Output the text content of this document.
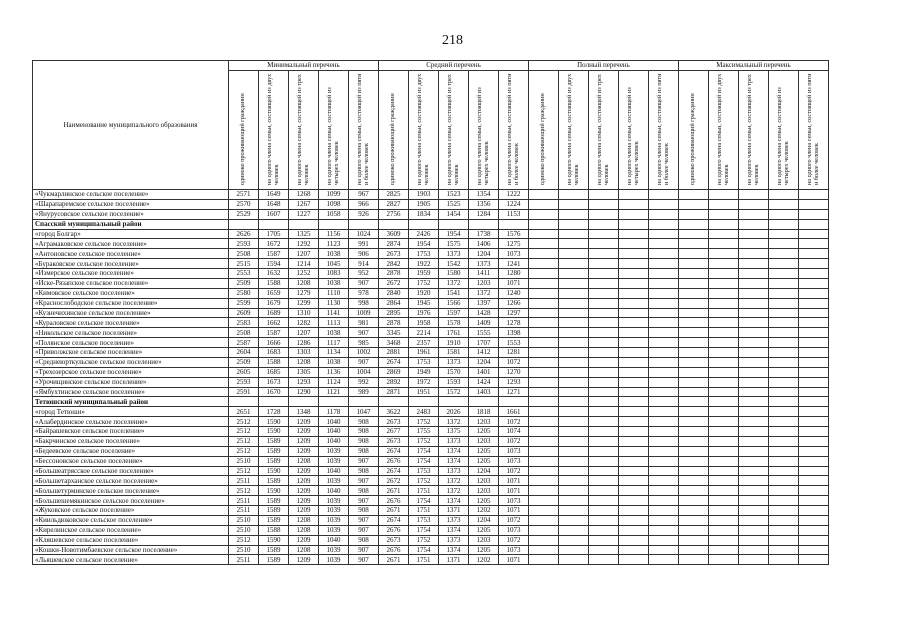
218
Наименование муниципального образования	Минимальный перечень					Средний перечень					Полный перечень					Максимальный перечень				

	одиноко проживающий гражданин	на одного члена семьи, состоящей из двух человек	на одного члена семьи, состоящей из трех человек	на одного члена семьи, состоящей из четырех человек	на одного члена семьи, состоящей из пяти и более человек	одиноко проживающий гражданин	на одного члена семьи, состоящей из двух человек	на одного члена семьи, состоящей из трех человек	на одного члена семьи, состоящей из четырех человек	на одного члена семьи, состоящей из пяти и более человек	одиноко проживающий гражданин	на одного члена семьи, состоящей из двух человек	на одного члена семьи, состоящей из трех человек	на одного члена семьи, состоящей из четырех человек	на одного члена семьи, состоящей из пяти и более человек	одиноко проживающий гражданин	на одного члена семьи, состоящей из двух человек	на одного члена семьи, состоящей из трех человек	на одного члена семьи, состоящей из четырех человек	на одного члена семьи, состоящей из пяти и более человек

«Чукмарлинское сельское поселение»	2571	1649	1268	1099	967	2825	1903	1523	1354	1222										
«Шарапаремское сельское поселение»	2570	1648	1267	1098	966	2827	1905	1525	1356	1224										
«Янурусовское сельское поселение»	2529	1607	1227	1058	926	2756	1834	1454	1284	1153										
Спасский муниципальный район																				
«город Болгар»	2626	1705	1325	1156	1024	3609	2426	1954	1738	1576										
«Аграмаковское сельское поселение»	2593	1672	1292	1123	991	2874	1954	1575	1406	1275										
«Антоновское сельское поселение»	2508	1587	1207	1038	906	2673	1753	1373	1204	1073										
«Бураковское сельское поселение»	2515	1594	1214	1045	914	2842	1922	1542	1373	1241										
«Измерское сельское поселение»	2553	1632	1252	1083	952	2878	1959	1580	1411	1280										
«Иске-Рязапское сельское поселение»	2509	1588	1208	1038	907	2672	1752	1372	1203	1071										
«Кимовское сельское поселение»	2580	1659	1279	1110	978	2840	1920	1541	1372	1240										
«Краснослободское сельское поселение»	2599	1679	1299	1130	998	2864	1945	1566	1397	1266										
«Кузнечихинское сельское поселение»	2609	1689	1310	1141	1009	2895	1976	1597	1428	1297										
«Кураловское сельское поселение»	2583	1662	1282	1113	981	2878	1958	1578	1409	1278										
«Никольское сельское поселение»	2508	1587	1207	1038	907	3345	2214	1761	1555	1398										
«Полянское сельское поселение»	2587	1666	1286	1117	985	3468	2357	1910	1707	1553										
«Приволжское сельское поселение»	2604	1683	1303	1134	1002	2881	1961	1581	1412	1281										
«Среднеюрткульское сельское поселение»	2509	1588	1208	1038	907	2674	1753	1373	1204	1072										
«Трехозерское сельское поселение»	2605	1685	1305	1136	1004	2869	1949	1570	1401	1270										
«Урочищинское сельское поселение»	2593	1673	1293	1124	992	2892	1972	1593	1424	1293										
«Ямбухтинское сельское поселение»	2591	1670	1290	1121	989	2871	1951	1572	1403	1271										
Тетюшский муниципальный район																				
«город Тетюши»	2651	1728	1348	1178	1047	3622	2483	2026	1818	1661										
«Алабердинское сельское поселение»	2512	1590	1209	1040	908	2673	1752	1372	1203	1072										
«Байрашевское сельское поселение»	2512	1590	1209	1040	908	2677	1755	1375	1205	1074										
«Бакрчинское сельское поселение»	2512	1589	1209	1040	908	2673	1752	1373	1203	1072										
«Бедеевское сельское поселение»	2512	1589	1209	1039	908	2674	1754	1374	1205	1073										
«Бессоновское сельское поселение»	2510	1589	1208	1039	907	2676	1754	1374	1205	1073										
«Большеатрясское сельское поселение»	2512	1590	1209	1040	908	2674	1753	1373	1204	1072										
«Большетарханское сельское поселение»	2511	1589	1209	1039	907	2672	1752	1372	1203	1071										
«Большетурминское сельское поселение»	2512	1590	1209	1040	908	2671	1751	1372	1203	1071										
«Большешемякинское сельское поселение»	2511	1589	1209	1039	907	2676	1754	1374	1205	1073										
«Жуковское сельское поселение»	2511	1589	1209	1039	908	2671	1751	1371	1202	1071										
«Киильдюковское сельское поселение»	2510	1589	1208	1039	907	2674	1753	1373	1204	1072										
«Кирелинское сельское поселение»	2510	1588	1208	1039	907	2676	1754	1374	1205	1073										
«Кляшевское сельское поселение»	2512	1590	1209	1040	908	2673	1752	1373	1203	1072										
«Кошки-Новотимбаевское сельское поселение»	2510	1589	1208	1039	907	2676	1754	1374	1205	1073										
«Льяшевское сельское поселение»	2511	1589	1209	1039	907	2671	1751	1371	1202	1071										
